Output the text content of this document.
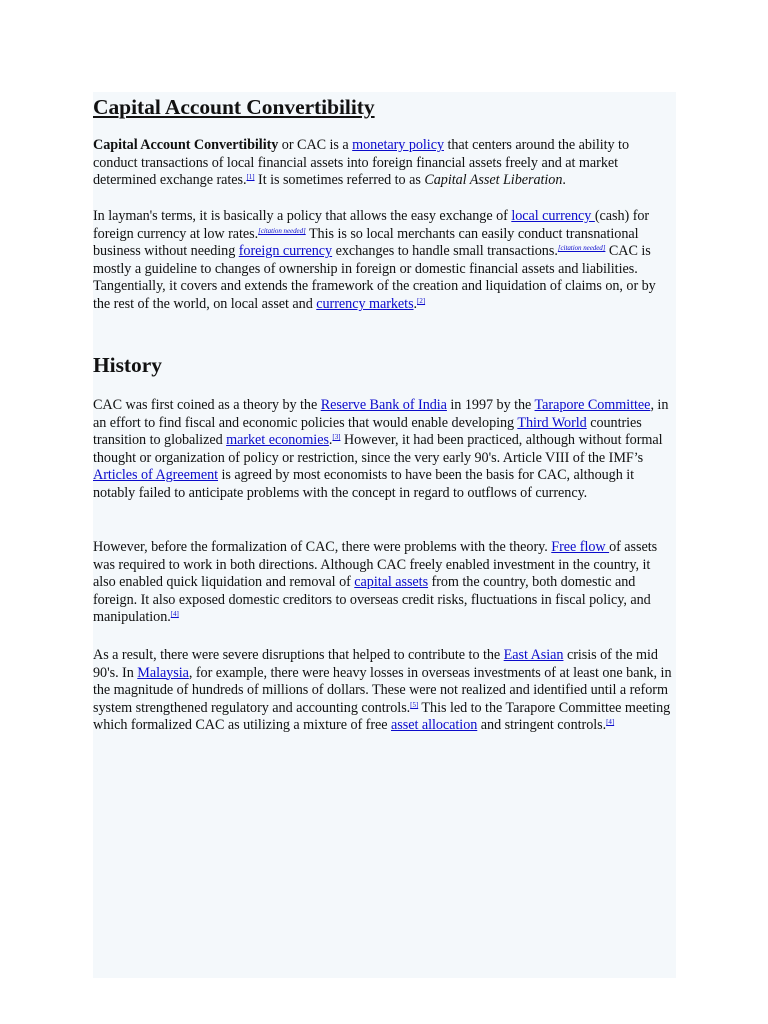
Capital Account Convertibility

Capital Account Convertibility or CAC is a monetary policy that centers around the ability to conduct transactions of local financial assets into foreign financial assets freely and at market determined exchange rates.[1] It is sometimes referred to as Capital Asset Liberation.

In layman's terms, it is basically a policy that allows the easy exchange of local currency (cash) for foreign currency at low rates.[citation needed] This is so local merchants can easily conduct transnational business without needing foreign currency exchanges to handle small transactions.[citation needed] CAC is mostly a guideline to changes of ownership in foreign or domestic financial assets and liabilities. Tangentially, it covers and extends the framework of the creation and liquidation of claims on, or by the rest of the world, on local asset and currency markets.[2]

History

CAC was first coined as a theory by the Reserve Bank of India in 1997 by the Tarapore Committee, in an effort to find fiscal and economic policies that would enable developing Third World countries transition to globalized market economies.[3] However, it had been practiced, although without formal thought or organization of policy or restriction, since the very early 90's. Article VIII of the IMF’s Articles of Agreement is agreed by most economists to have been the basis for CAC, although it notably failed to anticipate problems with the concept in regard to outflows of currency.

However, before the formalization of CAC, there were problems with the theory. Free flow of assets was required to work in both directions. Although CAC freely enabled investment in the country, it also enabled quick liquidation and removal of capital assets from the country, both domestic and foreign. It also exposed domestic creditors to overseas credit risks, fluctuations in fiscal policy, and manipulation.[4]

As a result, there were severe disruptions that helped to contribute to the East Asian crisis of the mid 90's. In Malaysia, for example, there were heavy losses in overseas investments of at least one bank, in the magnitude of hundreds of millions of dollars. These were not realized and identified until a reform system strengthened regulatory and accounting controls.[5] This led to the Tarapore Committee meeting which formalized CAC as utilizing a mixture of free asset allocation and stringent controls.[4]
